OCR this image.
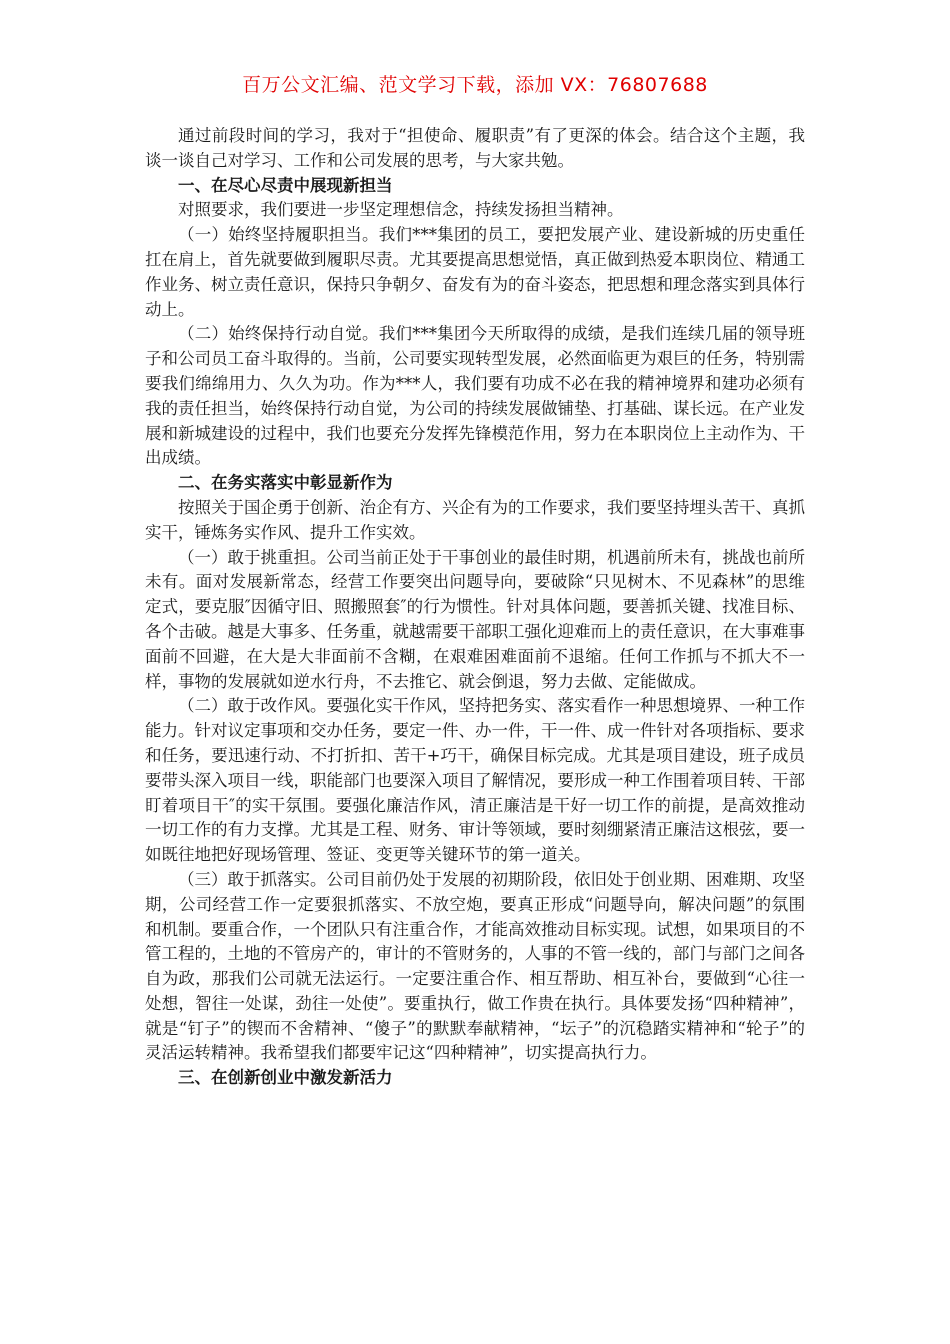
百万公文汇编、范文学习下载，添加 VX：76807688

通过前段时间的学习，我对于“担使命、履职责”有了更深的体会。结合这个主题，我谈一谈自己对学习、工作和公司发展的思考，与大家共勉。

一、在尽心尽责中展现新担当

对照要求，我们要进一步坚定理想信念，持续发扬担当精神。

（一）始终坚持履职担当。我们***集团的员工，要把发展产业、建设新城的历史重任扛在肩上，首先就要做到履职尽责。尤其要提高思想觉悟，真正做到热爱本职岗位、精通工作业务、树立责任意识，保持只争朝夕、奋发有为的奋斗姿态，把思想和理念落实到具体行动上。

（二）始终保持行动自觉。我们***集团今天所取得的成绩，是我们连续几届的领导班子和公司员工奋斗取得的。当前，公司要实现转型发展，必然面临更为艰巨的任务，特别需要我们绵绵用力、久久为功。作为***人，我们要有功成不必在我的精神境界和建功必须有我的责任担当，始终保持行动自觉，为公司的持续发展做铺垫、打基础、谋长远。在产业发展和新城建设的过程中，我们也要充分发挥先锋模范作用，努力在本职岗位上主动作为、干出成绩。

二、在务实落实中彰显新作为

按照关于国企勇于创新、治企有方、兴企有为的工作要求，我们要坚持埋头苦干、真抓实干，锤炼务实作风、提升工作实效。

（一）敢于挑重担。公司当前正处于干事创业的最佳时期，机遇前所未有，挑战也前所未有。面对发展新常态，经营工作要突出问题导向，要破除“只见树木、不见森林”的思维定式，要克服″因循守旧、照搬照套″的行为惯性。针对具体问题，要善抓关键、找准目标、各个击破。越是大事多、任务重，就越需要干部职工强化迎难而上的责任意识，在大事难事面前不回避，在大是大非面前不含糊，在艰难困难面前不退缩。任何工作抓与不抓大不一样，事物的发展就如逆水行舟，不去推它、就会倒退，努力去做、定能做成。

（二）敢于改作风。要强化实干作风，坚持把务实、落实看作一种思想境界、一种工作能力。针对议定事项和交办任务，要定一件、办一件，干一件、成一件针对各项指标、要求和任务，要迅速行动、不打折扣、苦干+巧干，确保目标完成。尤其是项目建设，班子成员要带头深入项目一线，职能部门也要深入项目了解情况，要形成一种工作围着项目转、干部盯着项目干″的实干氛围。要强化廉洁作风，清正廉洁是干好一切工作的前提，是高效推动一切工作的有力支撑。尤其是工程、财务、审计等领域，要时刻绷紧清正廉洁这根弦，要一如既往地把好现场管理、签证、变更等关键环节的第一道关。

（三）敢于抓落实。公司目前仍处于发展的初期阶段，依旧处于创业期、困难期、攻坚期，公司经营工作一定要狠抓落实、不放空炮，要真正形成“问题导向，解决问题”的氛围和机制。要重合作，一个团队只有注重合作，才能高效推动目标实现。试想，如果项目的不管工程的，土地的不管房产的，审计的不管财务的，人事的不管一线的，部门与部门之间各自为政，那我们公司就无法运行。一定要注重合作、相互帮助、相互补台，要做到“心往一处想，智往一处谋，劲往一处使”。要重执行，做工作贵在执行。具体要发扬“四种精神”，就是“钉子”的锲而不舍精神、“傻子”的默默奉献精神，“坛子”的沉稳踏实精神和“轮子”的灵活运转精神。我希望我们都要牢记这“四种精神”，切实提高执行力。

三、在创新创业中激发新活力
